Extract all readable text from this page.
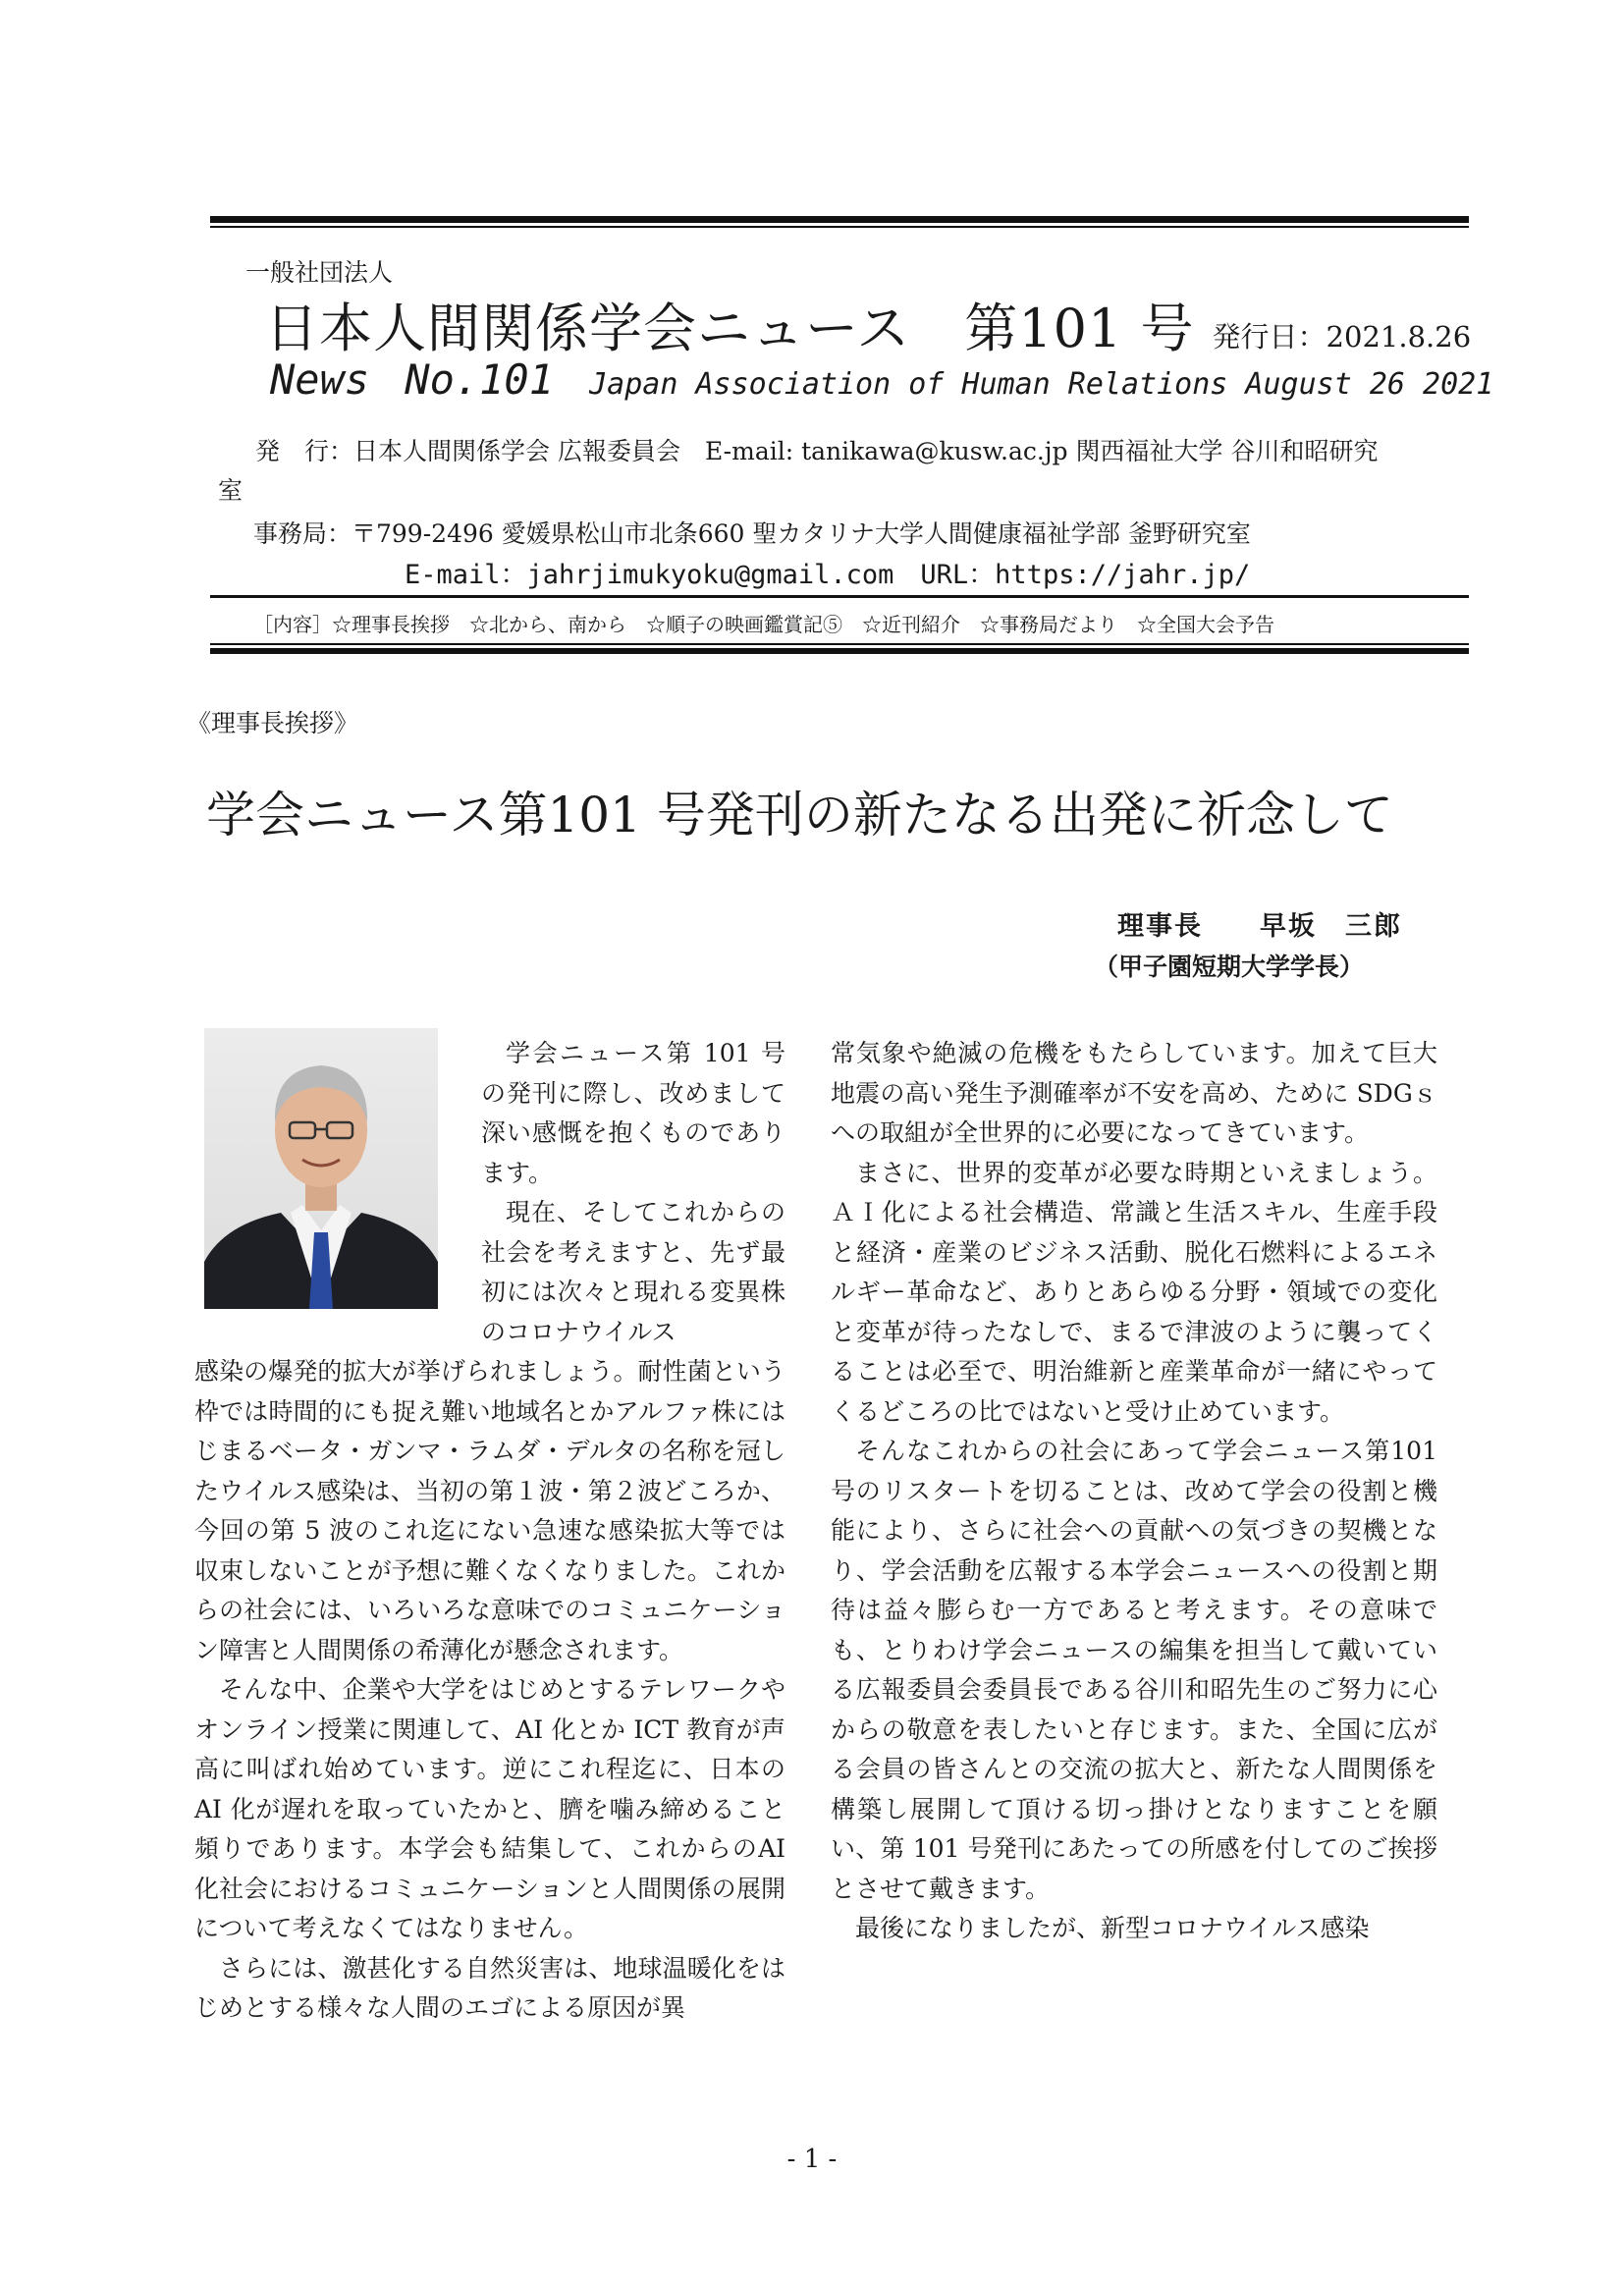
一般社団法人
日本人間関係学会ニュース　第101 号 発行日：2021.8.26
News No.101 Japan Association of Human Relations August 26 2021
発　行：日本人間関係学会 広報委員会　E-mail: tanikawa@kusw.ac.jp 関西福祉大学 谷川和昭研究
室
事務局：〒799-2496 愛媛県松山市北条660 聖カタリナ大学人間健康福祉学部 釜野研究室
E-mail：jahrjimukyoku@gmail.com　URL：https://jahr.jp/
［内容］☆理事長挨拶　☆北から、南から　☆順子の映画鑑賞記⑤　☆近刊紹介　☆事務局だより　☆全国大会予告
《理事長挨拶》
学会ニュース第101 号発刊の新たなる出発に祈念して
理事長　　早坂　三郎
（甲子園短期大学学長）

学会ニュース第 101 号の発刊に際し、改めまして深い感慨を抱くものであります。

現在、そしてこれからの社会を考えますと、先ず最初には次々と現れる変異株のコロナウイルス

感染の爆発的拡大が挙げられましょう。耐性菌という枠では時間的にも捉え難い地域名とかアルファ株にはじまるベータ・ガンマ・ラムダ・デルタの名称を冠したウイルス感染は、当初の第１波・第２波どころか、今回の第 5 波のこれ迄にない急速な感染拡大等では収束しないことが予想に難くなくなりました。これからの社会には、いろいろな意味でのコミュニケーション障害と人間関係の希薄化が懸念されます。

そんな中、企業や大学をはじめとするテレワークやオンライン授業に関連して、AI 化とか ICT 教育が声高に叫ばれ始めています。逆にこれ程迄に、日本の AI 化が遅れを取っていたかと、臍を噛み締めること頻りであります。本学会も結集して、これからのAI 化社会におけるコミュニケーションと人間関係の展開について考えなくてはなりません。

さらには、激甚化する自然災害は、地球温暖化をはじめとする様々な人間のエゴによる原因が異

常気象や絶滅の危機をもたらしています。加えて巨大地震の高い発生予測確率が不安を高め、ために SDGｓへの取組が全世界的に必要になってきています。

まさに、世界的変革が必要な時期といえましょう。ＡＩ化による社会構造、常識と生活スキル、生産手段と経済・産業のビジネス活動、脱化石燃料によるエネルギー革命など、ありとあらゆる分野・領域での変化と変革が待ったなしで、まるで津波のように襲ってくることは必至で、明治維新と産業革命が一緒にやってくるどころの比ではないと受け止めています。

そんなこれからの社会にあって学会ニュース第101号のリスタートを切ることは、改めて学会の役割と機能により、さらに社会への貢献への気づきの契機となり、学会活動を広報する本学会ニュースへの役割と期待は益々膨らむ一方であると考えます。その意味でも、とりわけ学会ニュースの編集を担当して戴いている広報委員会委員長である谷川和昭先生のご努力に心からの敬意を表したいと存じます。また、全国に広がる会員の皆さんとの交流の拡大と、新たな人間関係を構築し展開して頂ける切っ掛けとなりますことを願い、第 101 号発刊にあたっての所感を付してのご挨拶とさせて戴きます。

最後になりましたが、新型コロナウイルス感染

- 1 -
